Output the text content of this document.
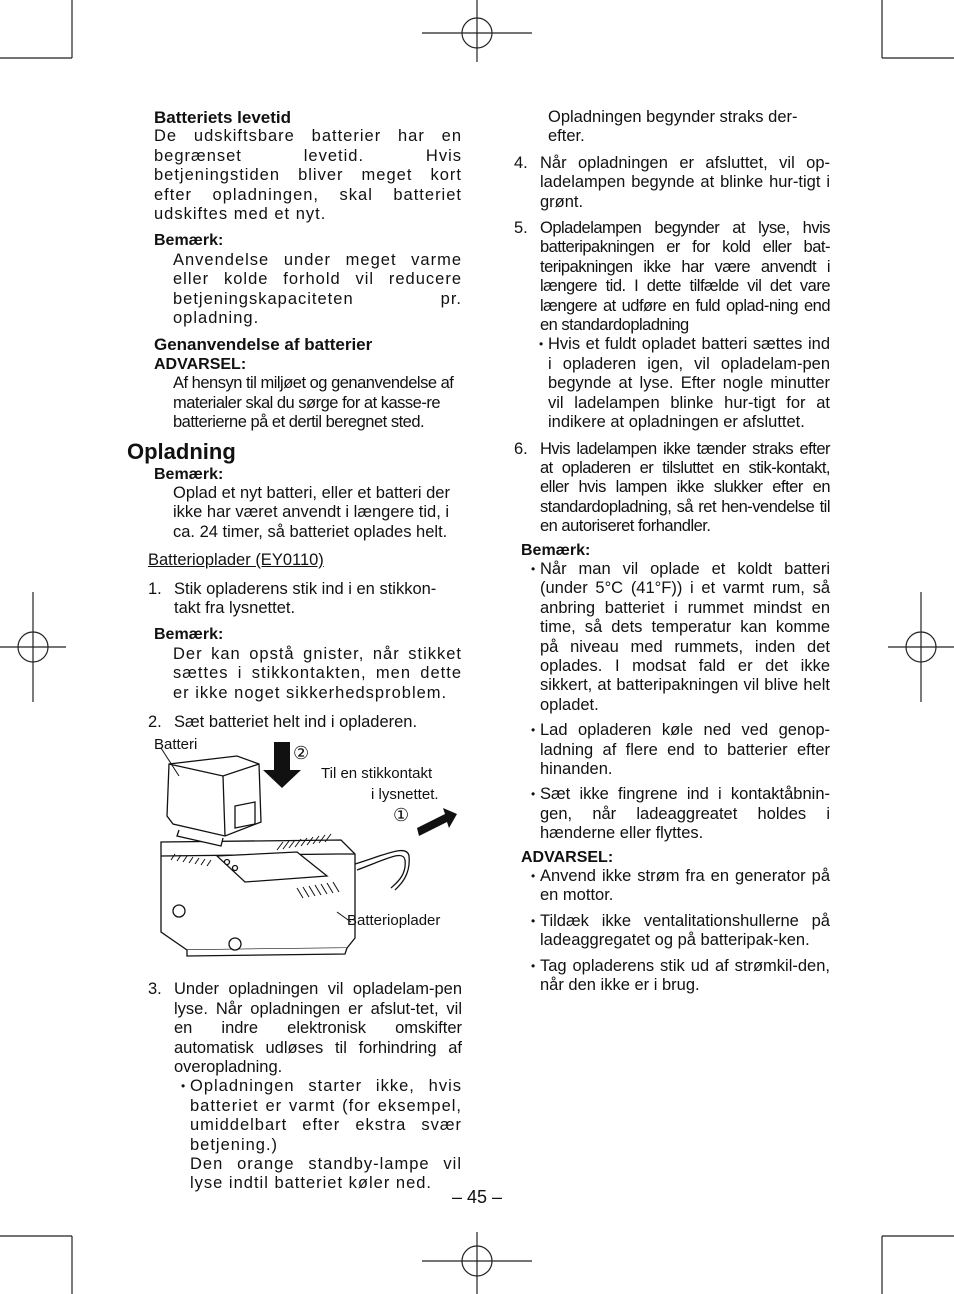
Batteriets levetid

De udskiftsbare batterier har en begrænset levetid. Hvis betjeningstiden bliver meget kort efter opladningen, skal batteriet udskiftes med et nyt.

Bemærk:

Anvendelse under meget varme eller kolde forhold vil reducere betjeningskapaciteten pr. opladning.

Genanvendelse af batterier

ADVARSEL:

Af hensyn til miljøet og genanvendelse af materialer skal du sørge for at kasse-re batterierne på et dertil beregnet sted.

Opladning

Bemærk:

Oplad et nyt batteri, eller et batteri der ikke har været anvendt i længere tid, i ca. 24 timer, så batteriet oplades helt.

Batterioplader (EY0110)

1. Stik opladerens stik ind i en stikkon-takt fra lysnettet.

Bemærk:

Der kan opstå gnister, når stikket sættes i stikkontakten, men dette er ikke noget sikkerhedsproblem.

2. Sæt batteriet helt ind i opladeren.
Batteri	②
Til en stikkontakt
i lysnettet.
①
Batterioplader
3. Under opladningen vil opladelam-pen lyse. Når opladningen er afslut-tet, vil en indre elektronisk omskifter automatisk udløses til forhindring af overopladning.

• Opladningen starter ikke, hvis batteriet er varmt (for eksempel, umiddelbart efter ekstra svær betjening.)

Den orange standby-lampe vil lyse indtil batteriet køler ned.

Opladningen begynder straks der-efter.

4. Når opladningen er afsluttet, vil op-ladelampen begynde at blinke hur-tigt i grønt.
5. Opladelampen begynder at lyse, hvis batteripakningen er for kold eller bat-teripakningen ikke har være anvendt i længere tid. I dette tilfælde vil det vare længere at udføre en fuld oplad-ning end en standardopladning

• Hvis et fuldt opladet batteri sættes ind i opladeren igen, vil opladelam-pen begynde at lyse. Efter nogle minutter vil ladelampen blinke hur-tigt for at indikere at opladningen er afsluttet.

6. Hvis ladelampen ikke tænder straks efter at opladeren er tilsluttet en stik-kontakt, eller hvis lampen ikke slukker efter en standardopladning, så ret hen-vendelse til en autoriseret forhandler.

Bemærk:

• Når man vil oplade et koldt batteri (under 5°C (41°F)) i et varmt rum, så anbring batteriet i rummet mindst en time, så dets temperatur kan komme på niveau med rummets, inden det oplades. I modsat fald er det ikke sikkert, at batteripakningen vil blive helt opladet.

• Lad opladeren køle ned ved genop-ladning af flere end to batterier efter hinanden.

• Sæt ikke fingrene ind i kontaktåbnin-gen, når ladeaggreatet holdes i hænderne eller flyttes.

ADVARSEL:

• Anvend ikke strøm fra en generator på en mottor.

• Tildæk ikke ventalitationshullerne på ladeaggregatet og på batteripak-ken.

• Tag opladerens stik ud af strømkil-den, når den ikke er i brug.

– 45 –
